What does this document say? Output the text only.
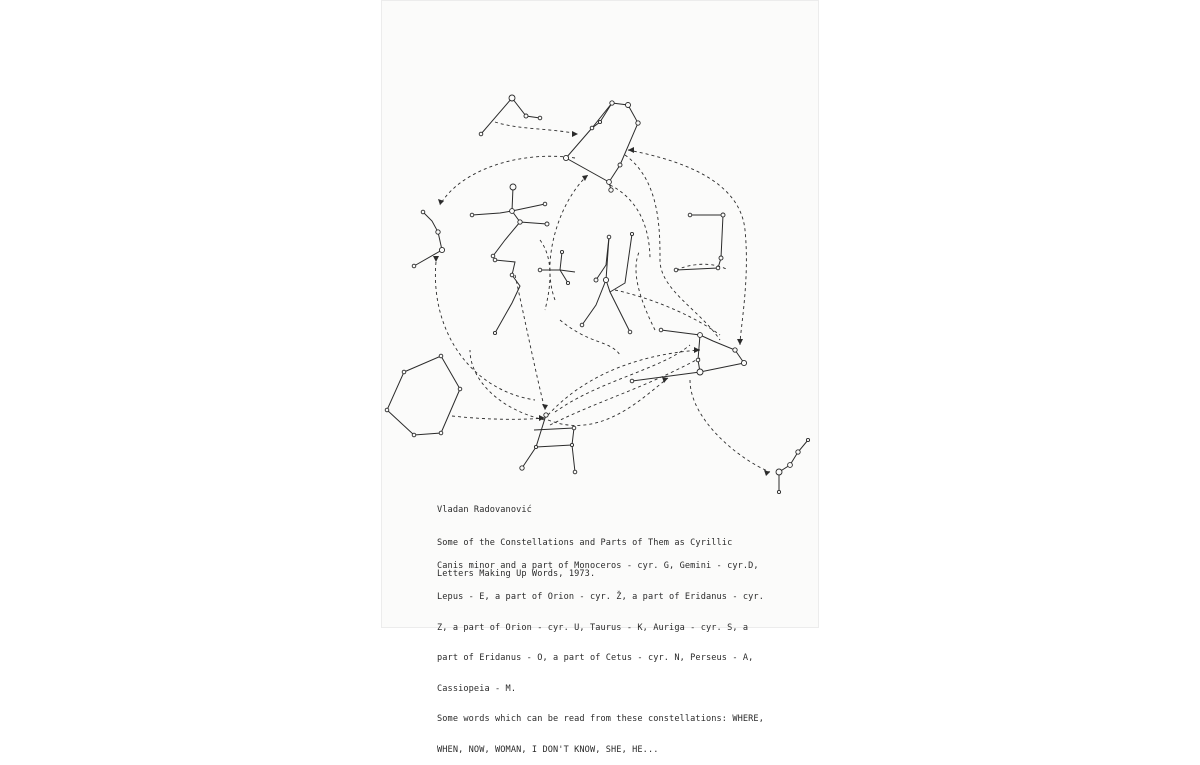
Vladan Radovanović

Some of the Constellations and Parts of Them as Cyrillic

Letters Making Up Words, 1973.

Canis minor and a part of Monoceros - cyr. G, Gemini - cyr.D,

Lepus - E, a part of Orion - cyr. Ž, a part of Eridanus - cyr.

Z, a part of Orion - cyr. U, Taurus - K, Auriga - cyr. S, a

part of Eridanus - O, a part of Cetus - cyr. N, Perseus - A,

Cassiopeia - M.

Some words which can be read from these constellations: WHERE,

WHEN, NOW, WOMAN, I DON'T KNOW, SHE, HE...
